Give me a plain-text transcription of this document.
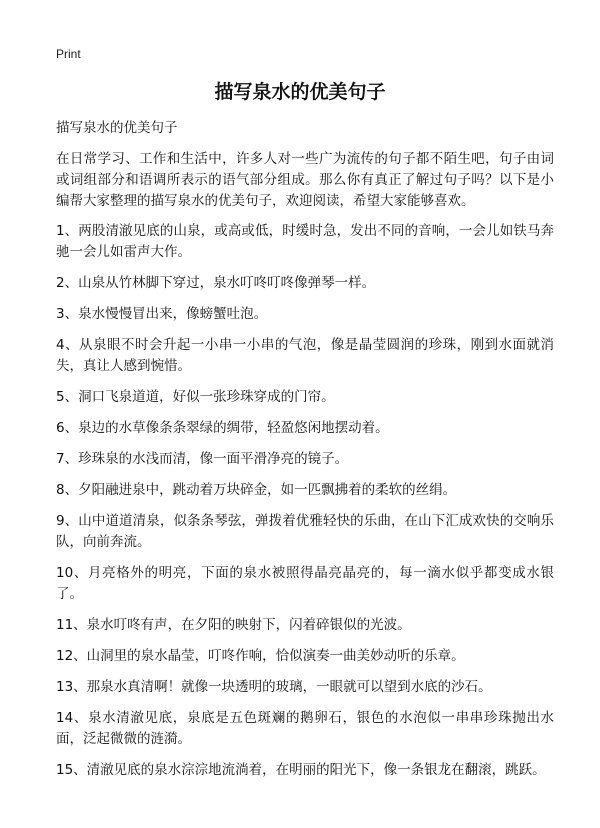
Print
描写泉水的优美句子

描写泉水的优美句子

在日常学习、工作和生活中，许多人对一些广为流传的句子都不陌生吧，句子由词或词组部分和语调所表示的语气部分组成。那么你有真正了解过句子吗？以下是小编帮大家整理的描写泉水的优美句子，欢迎阅读，希望大家能够喜欢。

1、两股清澈见底的山泉，或高或低，时缓时急，发出不同的音响，一会儿如铁马奔驰一会儿如雷声大作。

2、山泉从竹林脚下穿过，泉水叮咚叮咚像弹琴一样。

3、泉水慢慢冒出来，像螃蟹吐泡。

4、从泉眼不时会升起一小串一小串的气泡，像是晶莹圆润的珍珠，刚到水面就消失，真让人感到惋惜。

5、洞口飞泉道道，好似一张珍珠穿成的门帘。

6、泉边的水草像条条翠绿的绸带，轻盈悠闲地摆动着。

7、珍珠泉的水浅而清，像一面平滑净亮的镜子。

8、夕阳融进泉中，跳动着万块碎金，如一匹飘拂着的柔软的丝绢。

9、山中道道清泉，似条条琴弦，弹拨着优雅轻快的乐曲，在山下汇成欢快的交响乐队，向前奔流。

10、月亮格外的明亮，下面的泉水被照得晶亮晶亮的，每一滴水似乎都变成水银了。

11、泉水叮咚有声，在夕阳的映射下，闪着碎银似的光波。

12、山洞里的泉水晶莹，叮咚作响，恰似演奏一曲美妙动听的乐章。

13、那泉水真清啊！就像一块透明的玻璃，一眼就可以望到水底的沙石。

14、泉水清澈见底，泉底是五色斑斓的鹅卵石，银色的水泡似一串串珍珠抛出水面，泛起微微的涟漪。

15、清澈见底的泉水淙淙地流淌着，在明丽的阳光下，像一条银龙在翻滚，跳跃。
